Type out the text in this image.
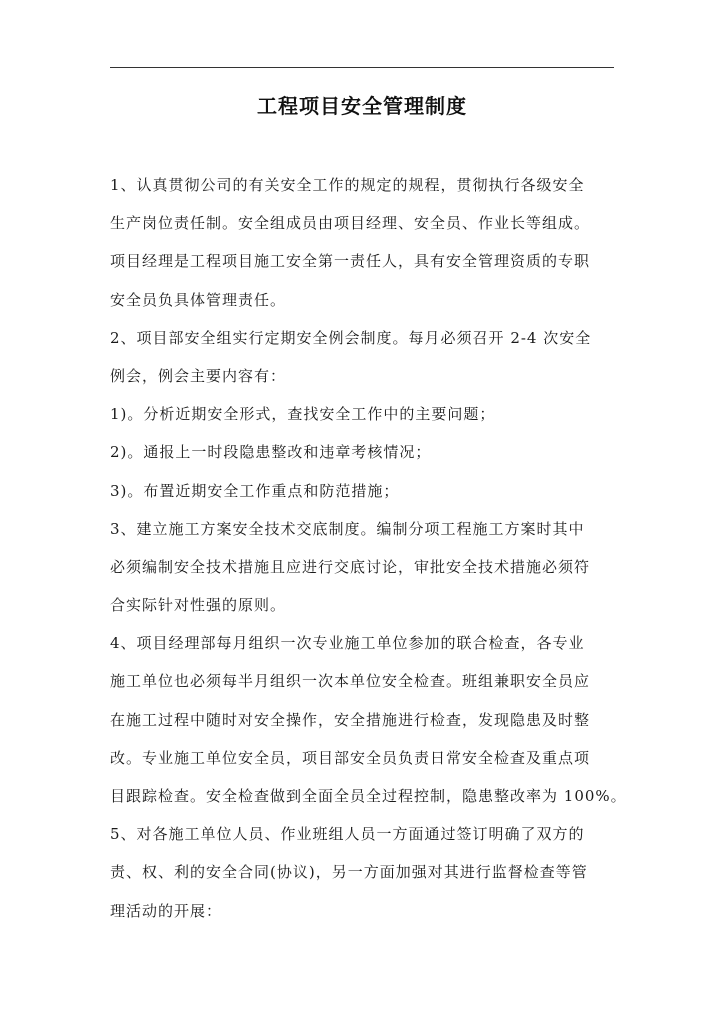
工程项目安全管理制度
1、认真贯彻公司的有关安全工作的规定的规程，贯彻执行各级安全
生产岗位责任制。安全组成员由项目经理、安全员、作业长等组成。
项目经理是工程项目施工安全第一责任人，具有安全管理资质的专职
安全员负具体管理责任。
2、项目部安全组实行定期安全例会制度。每月必须召开 2-4 次安全
例会，例会主要内容有：
1)。分析近期安全形式，查找安全工作中的主要问题；
2)。通报上一时段隐患整改和违章考核情况；
3)。布置近期安全工作重点和防范措施；
3、建立施工方案安全技术交底制度。编制分项工程施工方案时其中
必须编制安全技术措施且应进行交底讨论，审批安全技术措施必须符
合实际针对性强的原则。
4、项目经理部每月组织一次专业施工单位参加的联合检查，各专业
施工单位也必须每半月组织一次本单位安全检查。班组兼职安全员应
在施工过程中随时对安全操作，安全措施进行检查，发现隐患及时整
改。专业施工单位安全员，项目部安全员负责日常安全检查及重点项
目跟踪检查。安全检查做到全面全员全过程控制，隐患整改率为 100%。
5、对各施工单位人员、作业班组人员一方面通过签订明确了双方的
责、权、利的安全合同(协议)，另一方面加强对其进行监督检查等管
理活动的开展：
